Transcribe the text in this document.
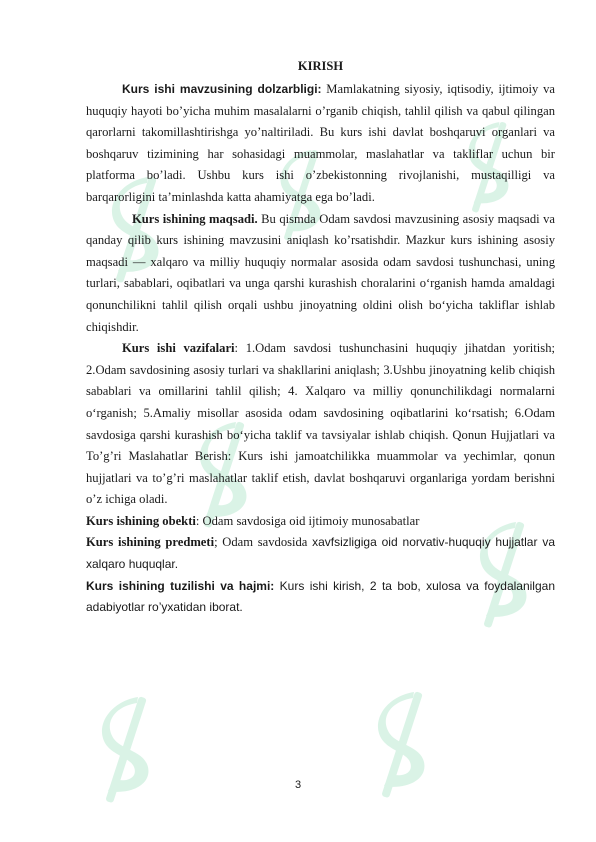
KIRISH

Kurs ishi mavzusining dolzarbligi: Mamlakatning siyosiy, iqtisodiy, ijtimoiy va huquqiy hayoti bo’yicha muhim masalalarni o’rganib chiqish, tahlil qilish va qabul qilingan qarorlarni takomillashtirishga yo’naltiriladi. Bu kurs ishi davlat boshqaruvi organlari va boshqaruv tizimining har sohasidagi muammolar, maslahatlar va takliflar uchun bir platforma bo’ladi. Ushbu kurs ishi o’zbekistonning rivojlanishi, mustaqilligi va barqarorligini ta’minlashda katta ahamiyatga ega bo’ladi.

Kurs ishining maqsadi. Bu qismda Odam savdosi mavzusining asosiy maqsadi va qanday qilib kurs ishining mavzusini aniqlash ko’rsatishdir. Mazkur kurs ishining asosiy maqsadi — xalqaro va milliy huquqiy normalar asosida odam savdosi tushunchasi, uning turlari, sabablari, oqibatlari va unga qarshi kurashish choralarini o‘rganish hamda amaldagi qonunchilikni tahlil qilish orqali ushbu jinoyatning oldini olish bo‘yicha takliflar ishlab chiqishdir.

Kurs ishi vazifalari: 1.Odam savdosi tushunchasini huquqiy jihatdan yoritish; 2.Odam savdosining asosiy turlari va shakllarini aniqlash; 3.Ushbu jinoyatning kelib chiqish sabablari va omillarini tahlil qilish; 4. Xalqaro va milliy qonunchilikdagi normalarni o‘rganish; 5.Amaliy misollar asosida odam savdosining oqibatlarini ko‘rsatish; 6.Odam savdosiga qarshi kurashish bo‘yicha taklif va tavsiyalar ishlab chiqish. Qonun Hujjatlari va To’g’ri Maslahatlar Berish: Kurs ishi jamoatchilikka muammolar va yechimlar, qonun hujjatlari va to’g’ri maslahatlar taklif etish, davlat boshqaruvi organlariga yordam berishni o’z ichiga oladi.

Kurs ishining obekti: Odam savdosiga oid ijtimoiy munosabatlar

Kurs ishining predmeti; Odam savdosida xavfsizligiga oid norvativ-huquqiy hujjatlar va xalqaro huquqlar.

Kurs ishining tuzilishi va hajmi: Kurs ishi kirish, 2 ta bob, xulosa va foydalanilgan adabiyotlar ro’yxatidan iborat.

3
